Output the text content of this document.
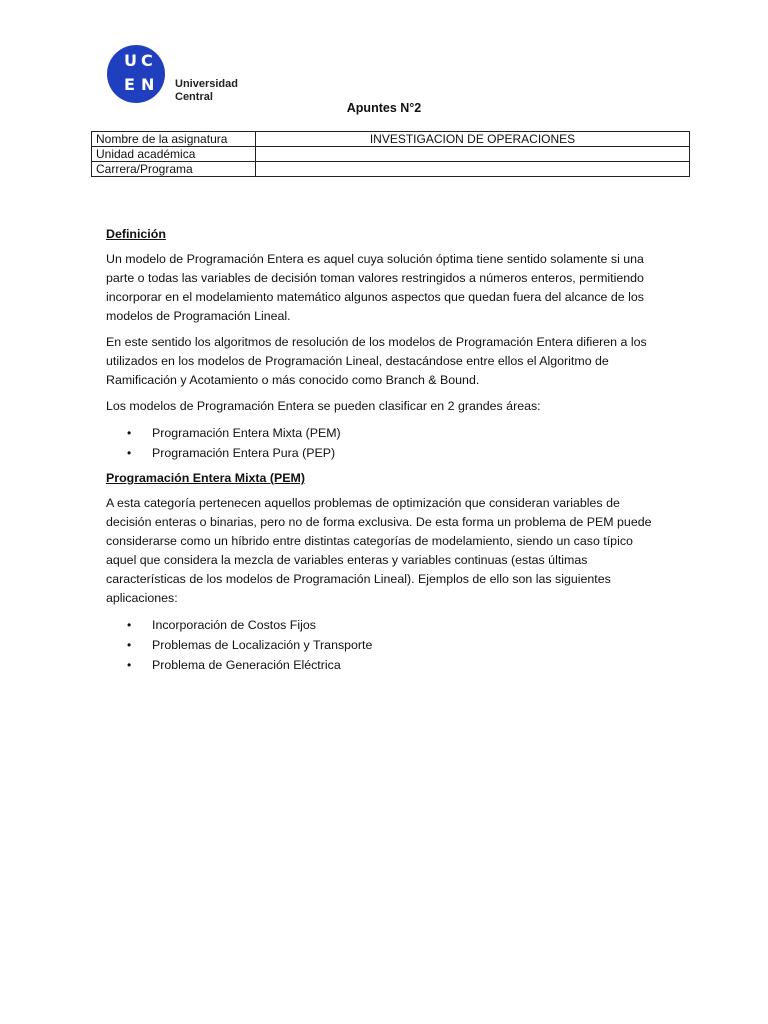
U C
E N Universidad
Central
Apuntes N°2
Nombre de la asignatura	INVESTIGACION DE OPERACIONES
Unidad académica	
Carrera/Programa	
Definición

Un modelo de Programación Entera es aquel cuya solución óptima tiene sentido solamente si una parte o todas las variables de decisión toman valores restringidos a números enteros, permitiendo incorporar en el modelamiento matemático algunos aspectos que quedan fuera del alcance de los modelos de Programación Lineal.

En este sentido los algoritmos de resolución de los modelos de Programación Entera difieren a los utilizados en los modelos de Programación Lineal, destacándose entre ellos el Algoritmo de Ramificación y Acotamiento o más conocido como Branch & Bound.

Los modelos de Programación Entera se pueden clasificar en 2 grandes áreas:

• Programación Entera Mixta (PEM)
• Programación Entera Pura (PEP)
Programación Entera Mixta (PEM)

A esta categoría pertenecen aquellos problemas de optimización que consideran variables de decisión enteras o binarias, pero no de forma exclusiva. De esta forma un problema de PEM puede considerarse como un híbrido entre distintas categorías de modelamiento, siendo un caso típico aquel que considera la mezcla de variables enteras y variables continuas (estas últimas características de los modelos de Programación Lineal). Ejemplos de ello son las siguientes aplicaciones:

• Incorporación de Costos Fijos
• Problemas de Localización y Transporte
• Problema de Generación Eléctrica
